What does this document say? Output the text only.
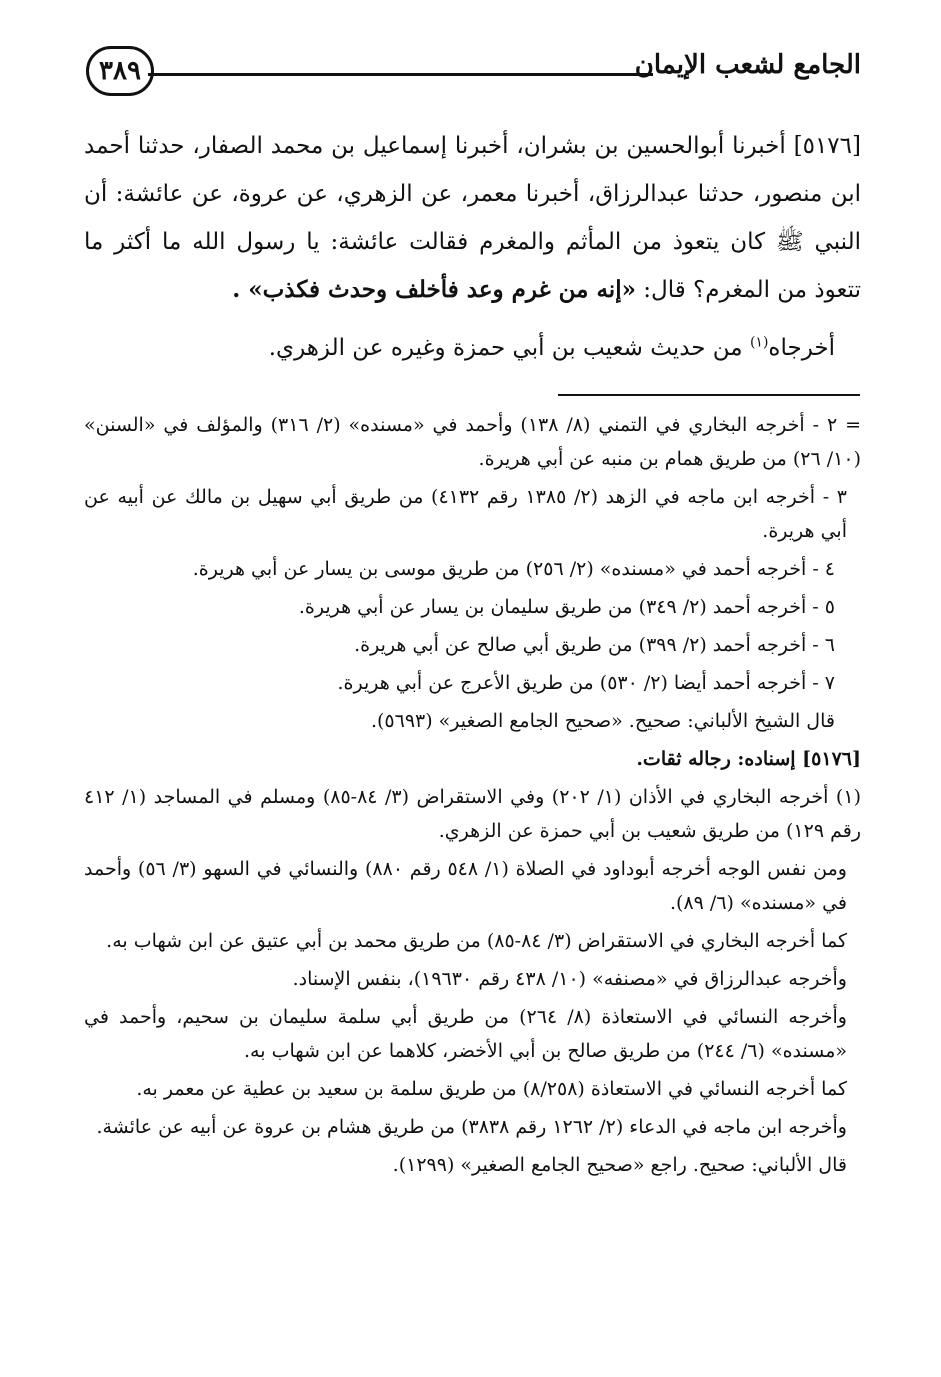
الجامع لشعب الإيمان
٣٨٩

[٥١٧٦] أخبرنا أبوالحسين بن بشران، أخبرنا إسماعيل بن محمد الصفار، حدثنا أحمد ابن منصور، حدثنا عبدالرزاق، أخبرنا معمر، عن الزهري، عن عروة، عن عائشة: أن النبي ﷺ كان يتعوذ من المأثم والمغرم فقالت عائشة: يا رسول الله ما أكثر ما تتعوذ من المغرم؟ قال: «إنه من غرم وعد فأخلف وحدث فكذب» .

أخرجاه$^{(١)}$ من حديث شعيب بن أبي حمزة وغيره عن الزهري.

= ٢ - أخرجه البخاري في التمني (٨/ ١٣٨) وأحمد في «مسنده» (٢/ ٣١٦) والمؤلف في «السنن» (١٠/ ٢٦) من طريق همام بن منبه عن أبي هريرة.

٣ - أخرجه ابن ماجه في الزهد (٢/ ١٣٨٥ رقم ٤١٣٢) من طريق أبي سهيل بن مالك عن أبيه عن أبي هريرة.

٤ - أخرجه أحمد في «مسنده» (٢/ ٢٥٦) من طريق موسى بن يسار عن أبي هريرة.

٥ - أخرجه أحمد (٢/ ٣٤٩) من طريق سليمان بن يسار عن أبي هريرة.

٦ - أخرجه أحمد (٢/ ٣٩٩) من طريق أبي صالح عن أبي هريرة.

٧ - أخرجه أحمد أيضا (٢/ ٥٣٠) من طريق الأعرج عن أبي هريرة.

قال الشيخ الألباني: صحيح. «صحيح الجامع الصغير» (٥٦٩٣).

[٥١٧٦] إسناده: رجاله ثقات.

(١) أخرجه البخاري في الأذان (١/ ٢٠٢) وفي الاستقراض (٣/ ٨٤-٨٥) ومسلم في المساجد (١/ ٤١٢ رقم ١٢٩) من طريق شعيب بن أبي حمزة عن الزهري.

ومن نفس الوجه أخرجه أبوداود في الصلاة (١/ ٥٤٨ رقم ٨٨٠) والنسائي في السهو (٣/ ٥٦) وأحمد في «مسنده» (٦/ ٨٩).

كما أخرجه البخاري في الاستقراض (٣/ ٨٤-٨٥) من طريق محمد بن أبي عتيق عن ابن شهاب به.

وأخرجه عبدالرزاق في «مصنفه» (١٠/ ٤٣٨ رقم ١٩٦٣٠)، بنفس الإسناد.

وأخرجه النسائي في الاستعاذة (٨/ ٢٦٤) من طريق أبي سلمة سليمان بن سحيم، وأحمد في «مسنده» (٦/ ٢٤٤) من طريق صالح بن أبي الأخضر، كلاهما عن ابن شهاب به.

كما أخرجه النسائي في الاستعاذة (٨/٢٥٨) من طريق سلمة بن سعيد بن عطية عن معمر به.

وأخرجه ابن ماجه في الدعاء (٢/ ١٢٦٢ رقم ٣٨٣٨) من طريق هشام بن عروة عن أبيه عن عائشة.

قال الألباني: صحيح. راجع «صحيح الجامع الصغير» (١٢٩٩).
